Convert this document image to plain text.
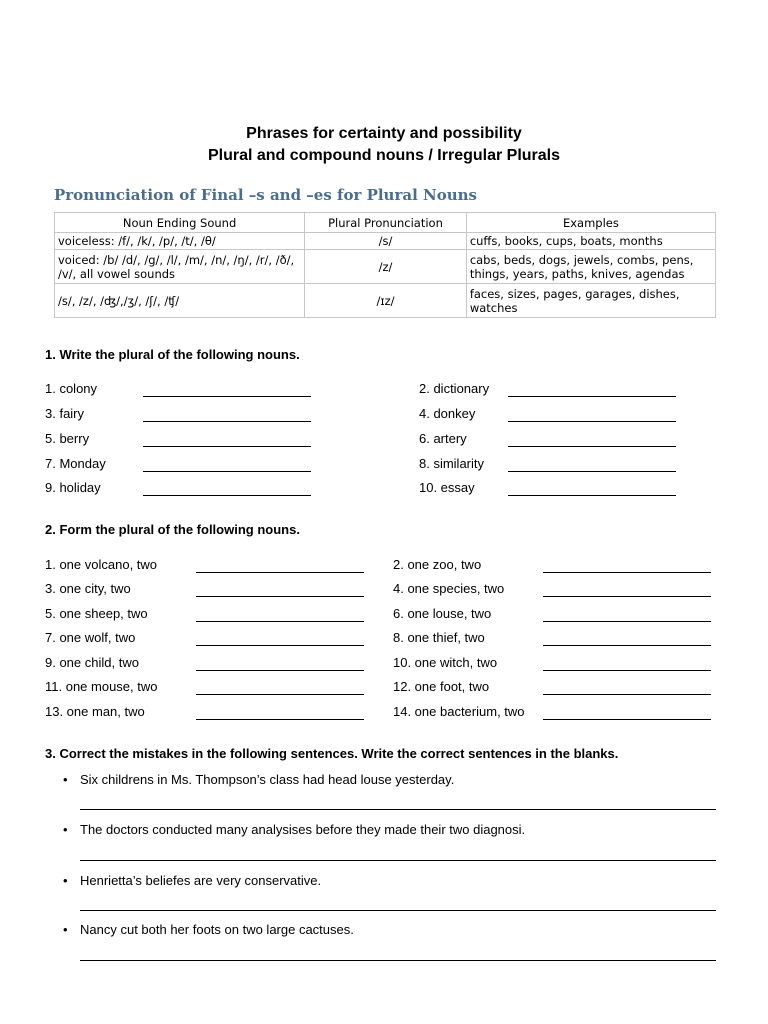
Phrases for certainty and possibility
Plural and compound nouns / Irregular Plurals
Pronunciation of Final –s and –es for Plural Nouns
Noun Ending Sound	Plural Pronunciation	Examples
voiceless: /f/, /k/, /p/, /t/, /θ/	/s/	cuffs, books, cups, boats, months
voiced: /b/ /d/, /g/, /l/, /m/, /n/, /ŋ/, /r/, /ð/, /v/, all vowel sounds	/z/	cabs, beds, dogs, jewels, combs, pens, things, years, paths, knives, agendas
/s/, /z/, /ʤ/,/ʒ/, /ʃ/, /ʧ/	/ɪz/	faces, sizes, pages, garages, dishes, watches
1. Write the plural of the following nouns.
1. colony	2. dictionary
3. fairy	4. donkey
5. berry	6. artery
7. Monday	8. similarity
9. holiday	10. essay
2. Form the plural of the following nouns.
1. one volcano, two	2. one zoo, two
3. one city, two	4. one species, two
5. one sheep, two	6. one louse, two
7. one wolf, two	8. one thief, two
9. one child, two	10. one witch, two
11. one mouse, two	12. one foot, two
13. one man, two	14. one bacterium, two
3. Correct the mistakes in the following sentences. Write the correct sentences in the blanks.
• Six childrens in Ms. Thompson’s class had head louse yesterday.
• The doctors conducted many analysises before they made their two diagnosi.
• Henrietta’s beliefes are very conservative.
• Nancy cut both her foots on two large cactuses.
